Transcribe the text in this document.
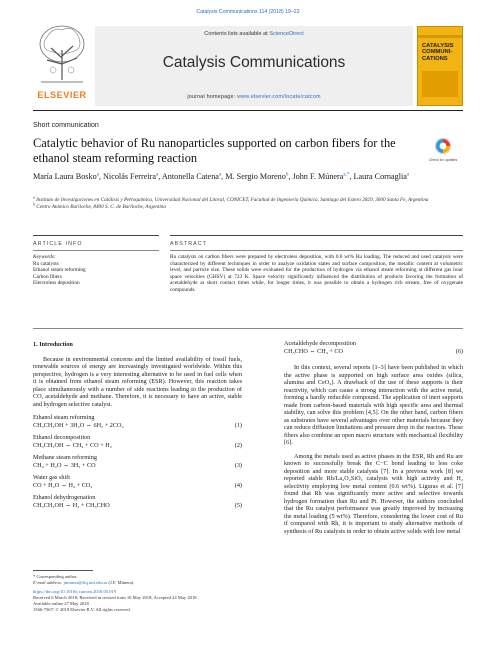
Catalysis Communications 114 (2018) 19–23
ELSEVIER
Contents lists available at ScienceDirect
Catalysis Communications
journal homepage: www.elsevier.com/locate/catcom
CATALYSIS
COMMUNI-
CATIONS
Short communication
Catalytic behavior of Ru nanoparticles supported on carbon fibers for the ethanol steam reforming reaction	Check for updates
María Laura Bosko$^a$, Nicolás Ferreira$^a$, Antonella Catena$^a$, M. Sergio Moreno$^b$, John F. Múnera$^{a,*}$, Laura Cornaglia$^a$
$^a$ Instituto de Investigaciones en Catálisis y Petroquímica, Universidad Nacional del Litoral, CONICET, Facultad de Ingeniería Química, Santiago del Estero 2829, 3000 Santa Fe, Argentina
$^b$ Centro Atómico Bariloche, 8400 S. C. de Bariloche, Argentina
ARTICLE INFO	ABSTRACT
Keywords:
Ru catalysts
Ethanol steam reforming
Carbon fibers
Electroless deposition
Ru catalysts on carbon fibers were prepared by electroless deposition, with 0.6 wt% Ru loading. The reduced and used catalysts were characterized by different techniques in order to analyze oxidation states and surface composition, the metallic content at volumetric level, and particle size. These solids were evaluated for the production of hydrogen via ethanol steam reforming at different gas hour space velocities (GHSV) at 723 K. Space velocity significantly influenced the distribution of products favoring the formation of acetaldehyde at short contact times while, for longer times, it was possible to obtain a hydrogen rich stream, free of oxygenate compounds.
1. Introduction
Because in environmental concerns and the limited availability of fossil fuels, renewable sources of energy are increasingly investigated worldwide. Within this perspective, hydrogen is a very interesting alternative to be used in fuel cells when it is obtained from ethanol steam reforming (ESR). However, this reaction takes place simultaneously with a number of side reactions leading to the production of CO, acetaldehyde and methane. Therefore, it is necessary to have an active, stable and hydrogen selective catalyst.
Ethanol steam reforming
CH₃CH₂OH + 3H₂O ⇔ 6H₂ + 2CO₂	(1)
Ethanol decomposition
CH₃CH₂OH ⇔ CH₄ + CO + H₂	(2)
Methane steam reforming
CH₄ + H₂O ⇔ 3H₂ + CO	(3)
Water gas shift
CO + H₂O ⇔ H₂ + CO₂	(4)
Ethanol dehydrogenation
CH₃CH₂OH ⇔ H₂ + CH₃CHO	(5)
Acetaldehyde decomposition
CH₃CHO ⇔ CH₄ + CO	(6)
In this context, several reports [1–3] have been published in which the active phase is supported on high surface area oxides (silica, alumina and CeO₂). A drawback of the use of these supports is their reactivity, which can cause a strong interaction with the active metal, forming a hardly reducible compound. The application of inert supports made from carbon-based materials with high specific area and thermal stability, can solve this problem [4,5]. On the other hand, carbon fibers as substrates have several advantages over other materials because they can reduce diffusion limitations and pressure drop in the reactors. These fibers also combine an open macro structure with mechanical flexibility [6].
Among the metals used as active phases in the ESR, Rh and Ru are known to successfully break the C−C bond leading to less coke deposition and more stable catalysts [7]. In a previous work [8] we reported stable Rh/La₂O₂SiO₃ catalysts with high activity and H₂ selectivity employing low metal content (0.6 wt%). Liguras et al. [7] found that Rh was significantly more active and selective towards hydrogen formation than Ru and Pt. However, the authors concluded that the Ru catalyst performance was greatly improved by increasing the metal loading (5 wt%). Therefore, considering the lower cost of Ru if compared with Rh, it is important to study alternative methods of synthesis of Ru catalysts in order to obtain active solids with low metal
* Corresponding author.
E-mail address: jmunera@fiq.unl.edu.ar (J.F. Múnera).
https://doi.org/10.1016/j.catcom.2018.05.019
Received 6 March 2018; Received in revised form 16 May 2018; Accepted 24 May 2018
Available online 27 May 2018
1566-7367/ © 2018 Elsevier B.V. All rights reserved.
